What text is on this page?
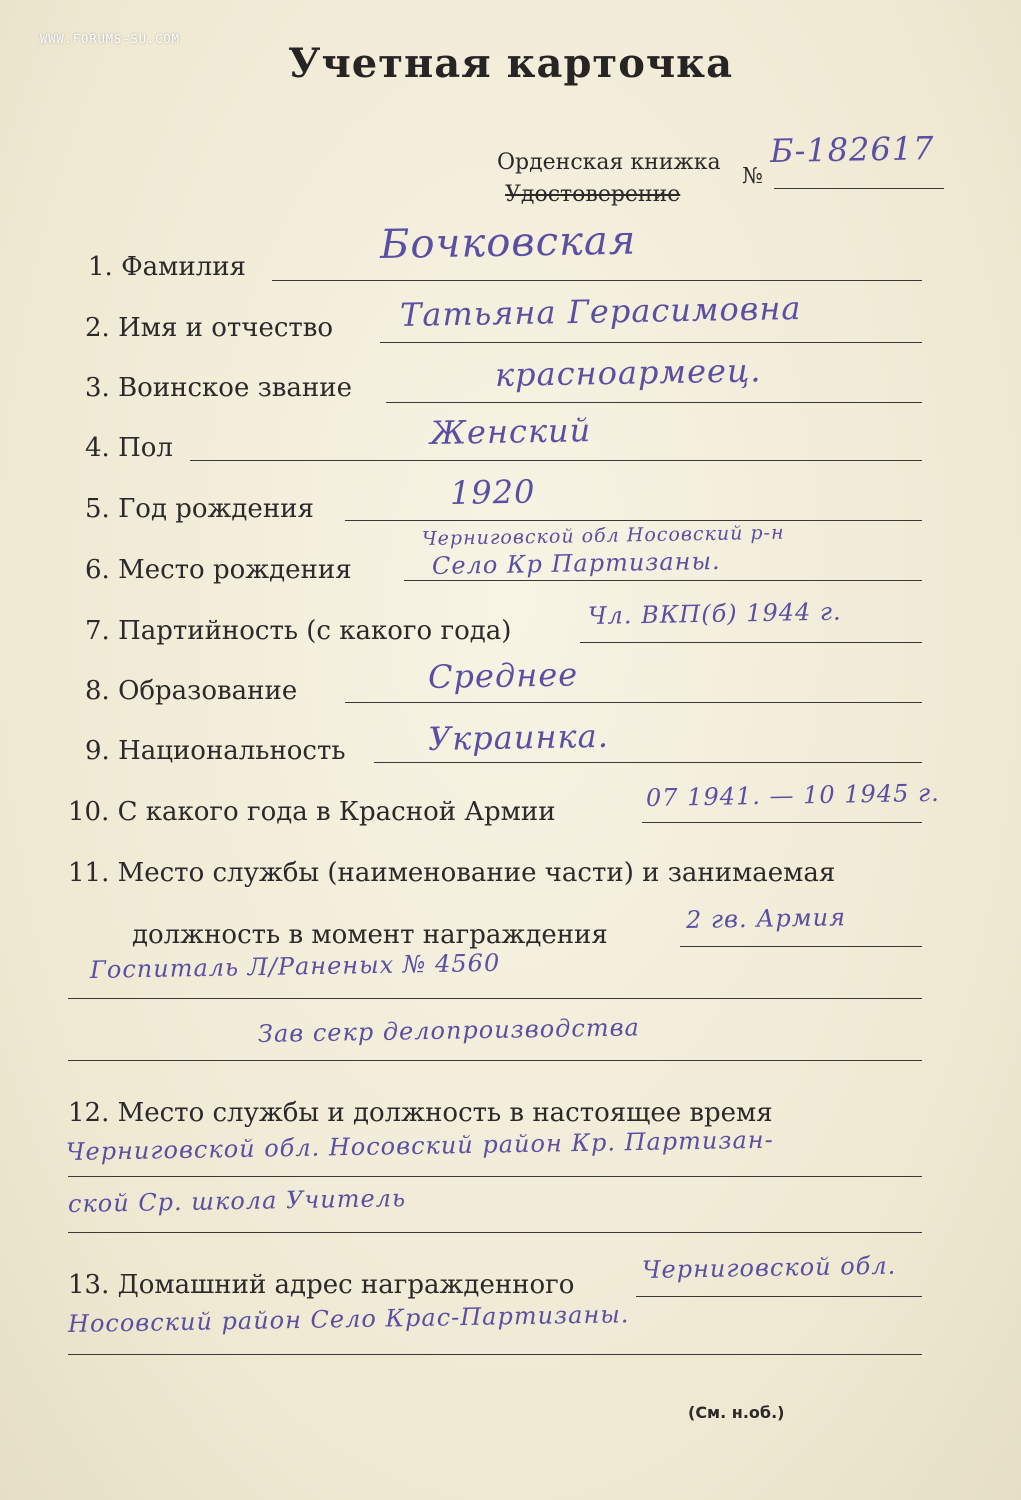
WWW.FORUMS-SU.COM
Учетная карточка
Орденская книжка
Удостоверение
№
Б-182617
1. Фамилия	Бочковская
2. Имя и отчество Татьяна Герасимовна
3. Воинское звание	красноармеец.
4. Пол	Женский
5. Год рождения	1920
6. Место рождения
Черниговской обл Носовский р-н
Село Кр Партизаны.
7. Партийность (с какого года)
Чл. ВКП(б) 1944 г.
8. Образование	Среднее
9. Национальность	Украинка.
10. С какого года в Красной Армии
07 1941. — 10 1945 г.
11. Место службы (наименование части) и занимаемая
должность в момент награждения
2 гв. Армия
Госпиталь Л/Раненых № 4560
Зав секр делопроизводства
12. Место службы и должность в настоящее время
Черниговской обл. Носовский район Кр. Партизан-
ской Ср. школа Учитель
13. Домашний адрес награжденного
Черниговской обл.
Носовский район Село Крас-Партизаны.
(См. н.об.)
